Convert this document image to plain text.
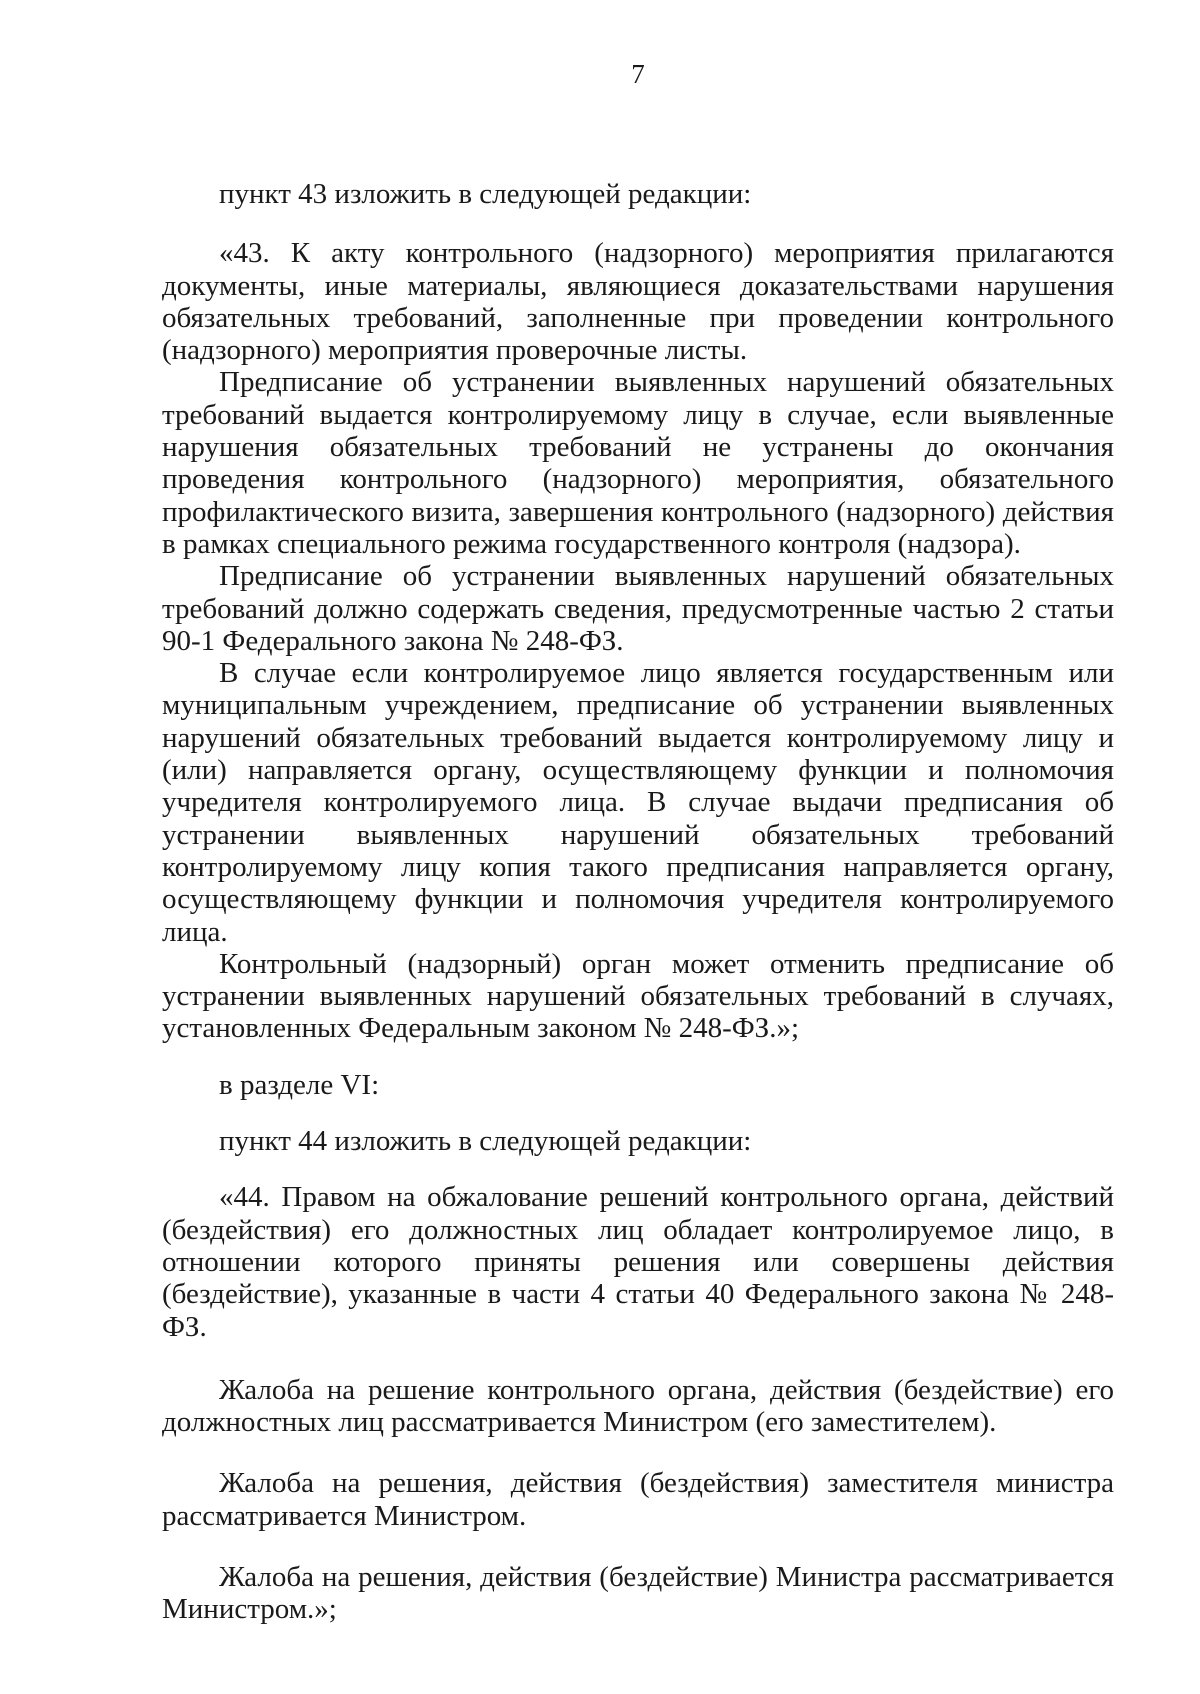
7

пункт 43 изложить в следующей редакции:

«43. К акту контрольного (надзорного) мероприятия прилагаются документы, иные материалы, являющиеся доказательствами нарушения обязательных требований, заполненные при проведении контрольного (надзорного) мероприятия проверочные листы.

Предписание об устранении выявленных нарушений обязательных требований выдается контролируемому лицу в случае, если выявленные нарушения обязательных требований не устранены до окончания проведения контрольного (надзорного) мероприятия, обязательного профилактического визита, завершения контрольного (надзорного) действия в рамках специального режима государственного контроля (надзора).

Предписание об устранении выявленных нарушений обязательных требований должно содержать сведения, предусмотренные частью 2 статьи 90-1 Федерального закона № 248-ФЗ.

В случае если контролируемое лицо является государственным или муниципальным учреждением, предписание об устранении выявленных нарушений обязательных требований выдается контролируемому лицу и (или) направляется органу, осуществляющему функции и полномочия учредителя контролируемого лица. В случае выдачи предписания об устранении выявленных нарушений обязательных требований контролируемому лицу копия такого предписания направляется органу, осуществляющему функции и полномочия учредителя контролируемого лица.

Контрольный (надзорный) орган может отменить предписание об устранении выявленных нарушений обязательных требований в случаях, установленных Федеральным законом № 248-ФЗ.»;

в разделе VI:

пункт 44 изложить в следующей редакции:

«44. Правом на обжалование решений контрольного органа, действий (бездействия) его должностных лиц обладает контролируемое лицо, в отношении которого приняты решения или совершены действия (бездействие), указанные в части 4 статьи 40 Федерального закона № 248-ФЗ.

Жалоба на решение контрольного органа, действия (бездействие) его должностных лиц рассматривается Министром (его заместителем).

Жалоба на решения, действия (бездействия) заместителя министра рассматривается Министром.

Жалоба на решения, действия (бездействие) Министра рассматривается Министром.»;
